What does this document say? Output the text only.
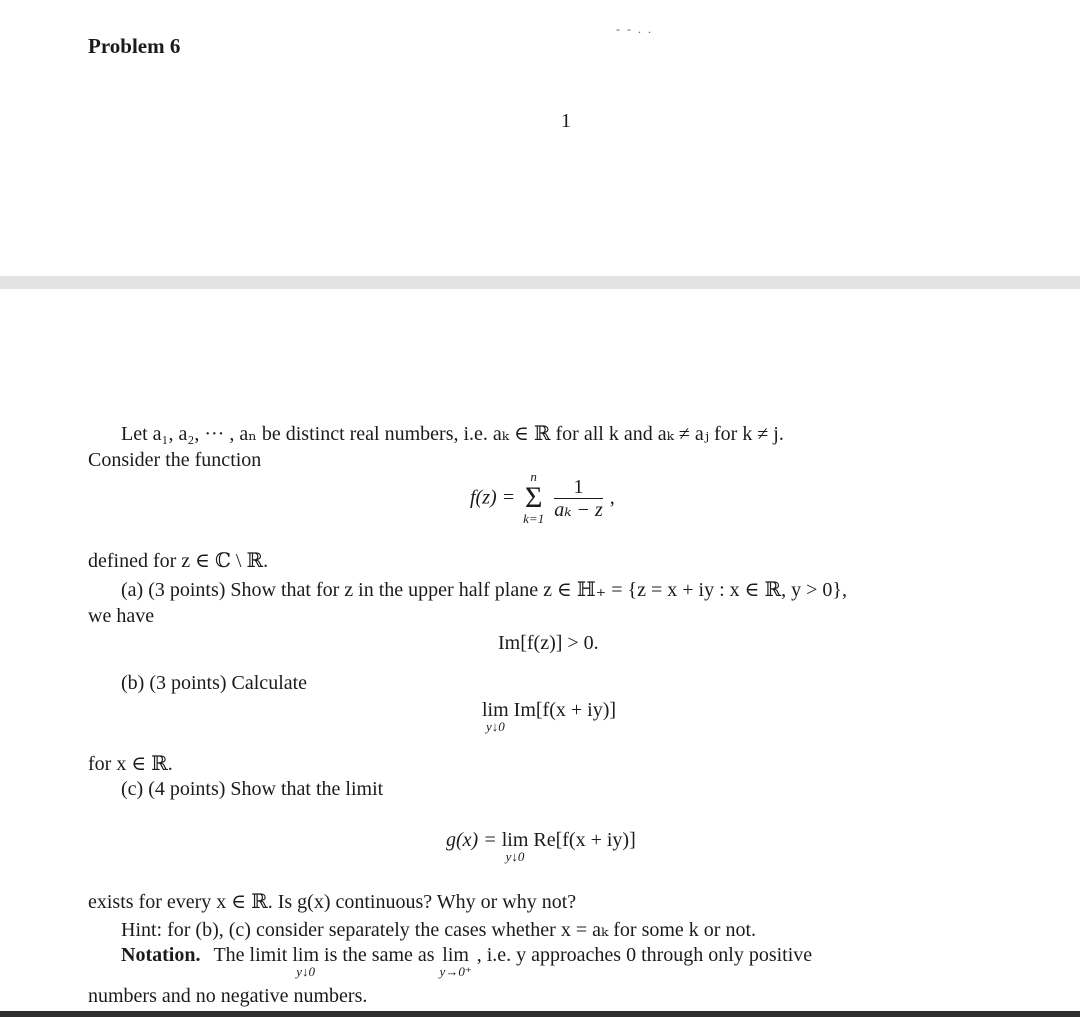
Problem 6
- - . .
1
Let a₁, a₂, ··· , aₙ be distinct real numbers, i.e. aₖ ∈ ℝ for all k and aₖ ≠ aⱼ for k ≠ j.
Consider the function
f(z) =
n
Σ
k=1
$\frac{1}{\text{aₖ − z}}$ ,
defined for z ∈ ℂ \ ℝ.
(a) (3 points) Show that for z in the upper half plane z ∈ ℍ₊ = {z = x + iy : x ∈ ℝ, y > 0},
we have
Im[f(z)] > 0.
(b) (3 points) Calculate
lim
y↓0
Im[f(x + iy)]
for x ∈ ℝ.
(c) (4 points) Show that the limit
g(x) = lim
y↓0
Re[f(x + iy)]
exists for every x ∈ ℝ. Is g(x) continuous? Why or why not?
Hint: for (b), (c) consider separately the cases whether x = aₖ for some k or not.
Notation. The limit lim
y↓0
is the same as lim
y→0⁺
, i.e. y approaches 0 through only positive
numbers and no negative numbers.
